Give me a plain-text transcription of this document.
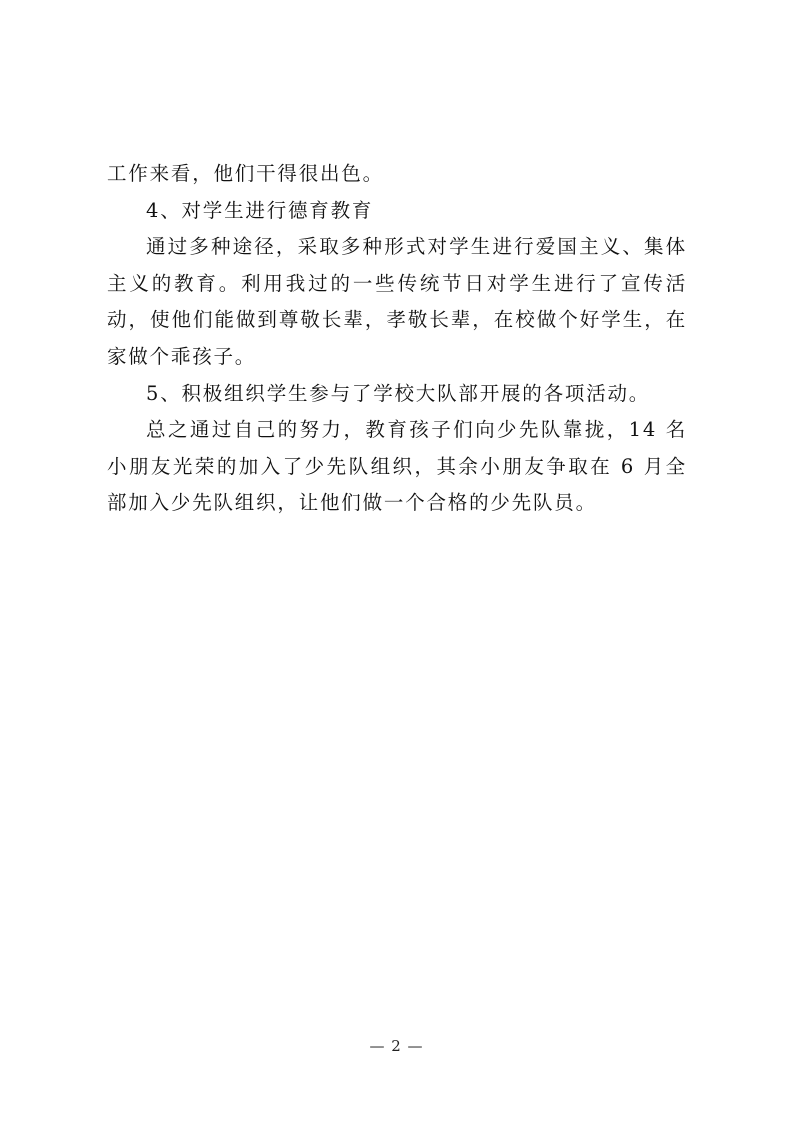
工作来看，他们干得很出色。

4、对学生进行德育教育

通过多种途径，采取多种形式对学生进行爱国主义、集体主义的教育。利用我过的一些传统节日对学生进行了宣传活动，使他们能做到尊敬长辈，孝敬长辈，在校做个好学生，在家做个乖孩子。

5、积极组织学生参与了学校大队部开展的各项活动。

总之通过自己的努力，教育孩子们向少先队靠拢，14 名小朋友光荣的加入了少先队组织，其余小朋友争取在 6 月全部加入少先队组织，让他们做一个合格的少先队员。

— 2 —
